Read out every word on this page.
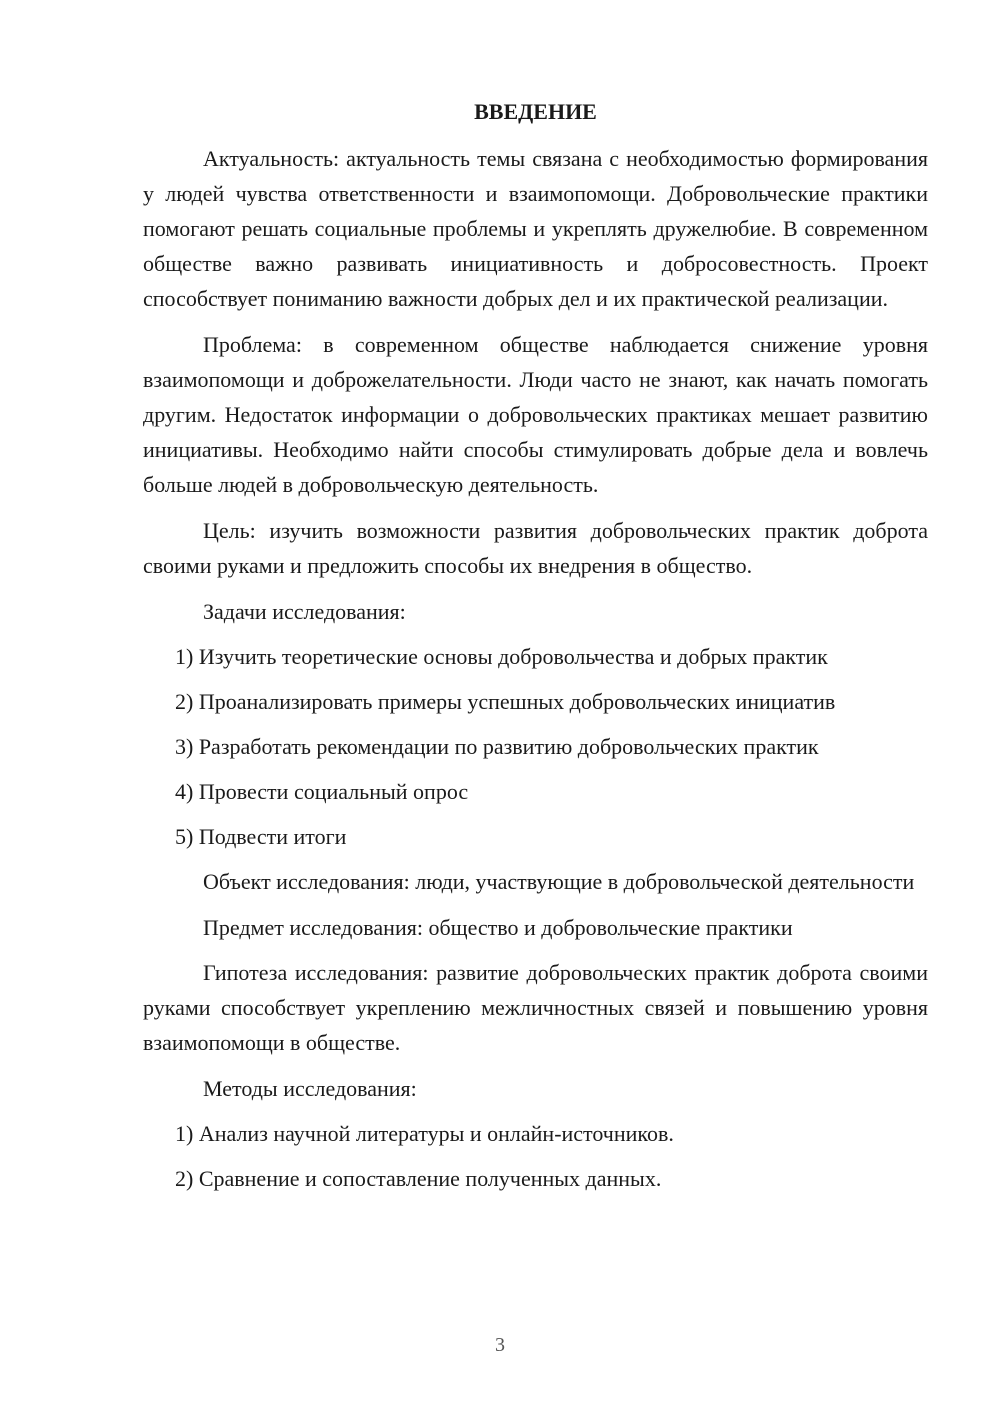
ВВЕДЕНИЕ

Актуальность: актуальность темы связана с необходимостью формирования у людей чувства ответственности и взаимопомощи. Добровольческие практики помогают решать социальные проблемы и укреплять дружелюбие. В современном обществе важно развивать инициативность и добросовестность. Проект способствует пониманию важности добрых дел и их практической реализации.

Проблема: в современном обществе наблюдается снижение уровня взаимопомощи и доброжелательности. Люди часто не знают, как начать помогать другим. Недостаток информации о добровольческих практиках мешает развитию инициативы. Необходимо найти способы стимулировать добрые дела и вовлечь больше людей в добровольческую деятельность.

Цель: изучить возможности развития добровольческих практик доброта своими руками и предложить способы их внедрения в общество.

Задачи исследования:

1) Изучить теоретические основы добровольчества и добрых практик
2) Проанализировать примеры успешных добровольческих инициатив
3) Разработать рекомендации по развитию добровольческих практик
4) Провести социальный опрос
5) Подвести итоги

Объект исследования: люди, участвующие в добровольческой деятельности

Предмет исследования: общество и добровольческие практики

Гипотеза исследования: развитие добровольческих практик доброта своими руками способствует укреплению межличностных связей и повышению уровня взаимопомощи в обществе.

Методы исследования:

1) Анализ научной литературы и онлайн-источников.
2) Сравнение и сопоставление полученных данных.
3
